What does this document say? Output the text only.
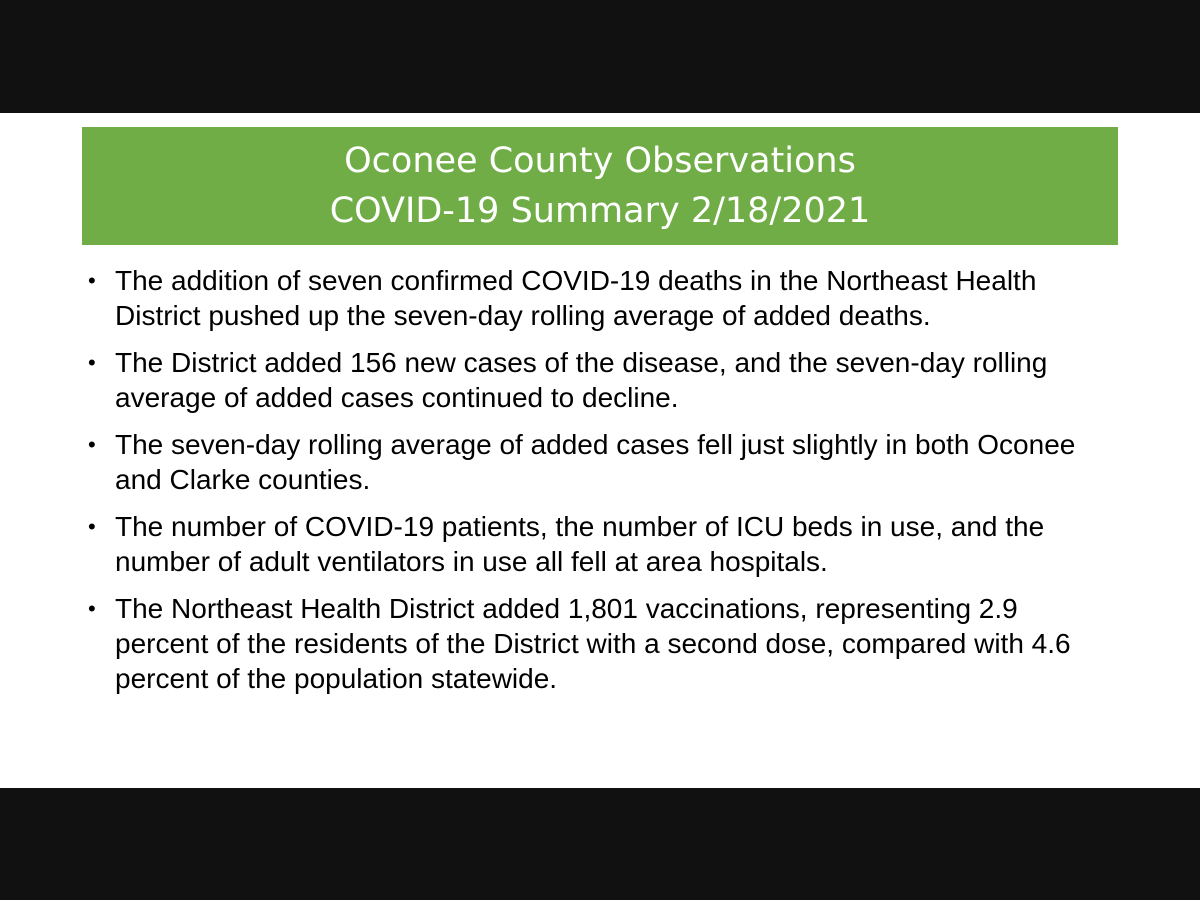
Oconee County Observations
COVID-19 Summary 2/18/2021
• The addition of seven confirmed COVID-19 deaths in the Northeast Health District pushed up the seven-day rolling average of added deaths.
• The District added 156 new cases of the disease, and the seven-day rolling average of added cases continued to decline.
• The seven-day rolling average of added cases fell just slightly in both Oconee and Clarke counties.
• The number of COVID-19 patients, the number of ICU beds in use, and the number of adult ventilators in use all fell at area hospitals.
• The Northeast Health District added 1,801 vaccinations, representing 2.9 percent of the residents of the District with a second dose, compared with 4.6 percent of the population statewide.
